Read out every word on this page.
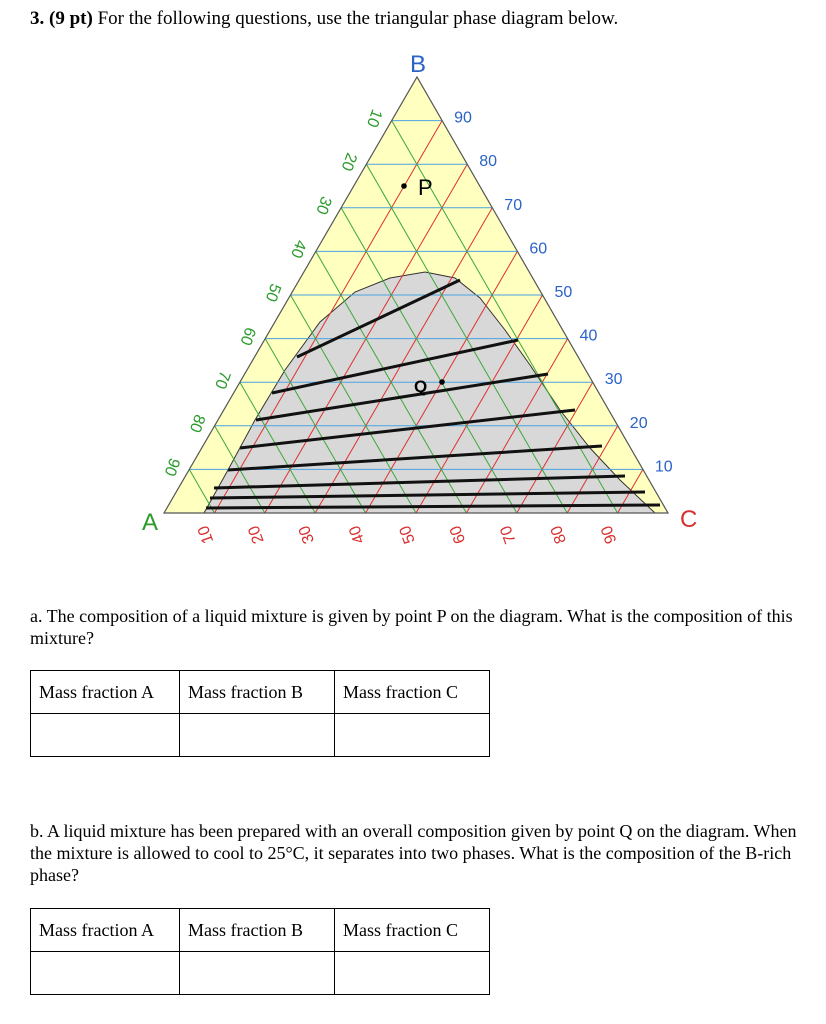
3. (9 pt) For the following questions, use the triangular phase diagram below.
B
A	C
90
80
70
60
50
40
30
20
10
10
20
30
40
50
60
70
80
90
10 20 30 40 50 60 70 80 90
P
Q
a. The composition of a liquid mixture is given by point P on the diagram. What is the composition of this mixture?
Mass fraction A	Mass fraction B	Mass fraction C

b. A liquid mixture has been prepared with an overall composition given by point Q on the diagram. When the mixture is allowed to cool to 25°C, it separates into two phases. What is the composition of the B-rich phase?
Mass fraction A	Mass fraction B	Mass fraction C
